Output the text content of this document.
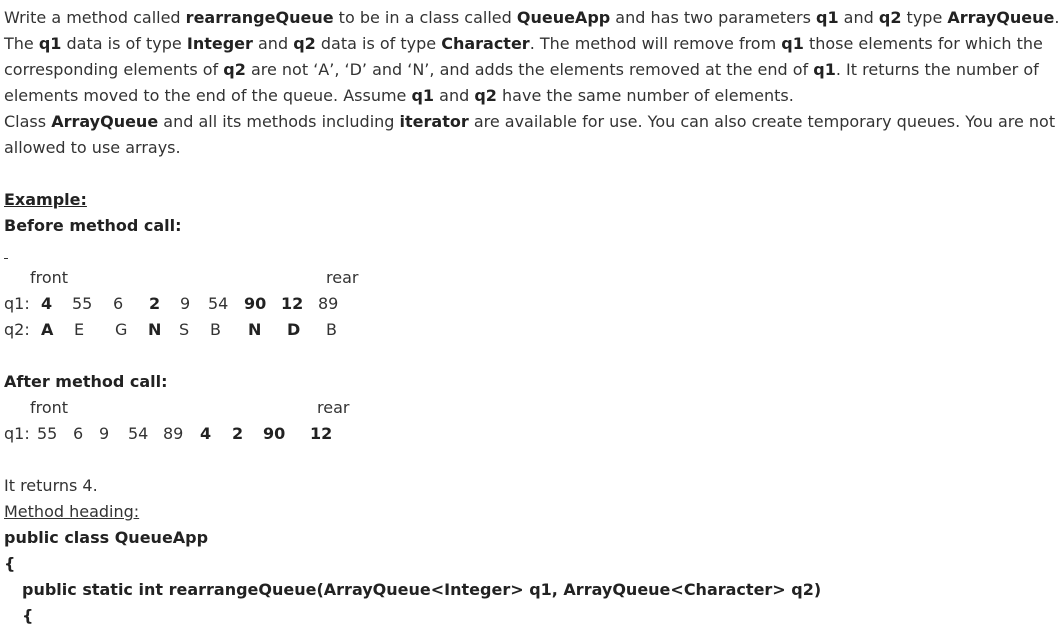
Write a method called rearrangeQueue to be in a class called QueueApp and has two parameters q1 and q2 type ArrayQueue.
The q1 data is of type Integer and q2 data is of type Character. The method will remove from q1 those elements for which the
corresponding elements of q2 are not ‘A’, ‘D’ and ‘N’, and adds the elements removed at the end of q1. It returns the number of
elements moved to the end of the queue. Assume q1 and q2 have the same number of elements.
Class ArrayQueue and all its methods including iterator are available for use. You can also create temporary queues. You are not
allowed to use arrays.
Example:
Before method call:
front	rear
q1: 4 55 6 2 9 54 90 12 89
q2: A E G N S B N D B
After method call:
front	rear
q1: 55 6 9 54 89 4 2 90 12
It returns 4.
Method heading:
public class QueueApp
{
public static int rearrangeQueue(ArrayQueue<Integer> q1, ArrayQueue<Character> q2)
{
